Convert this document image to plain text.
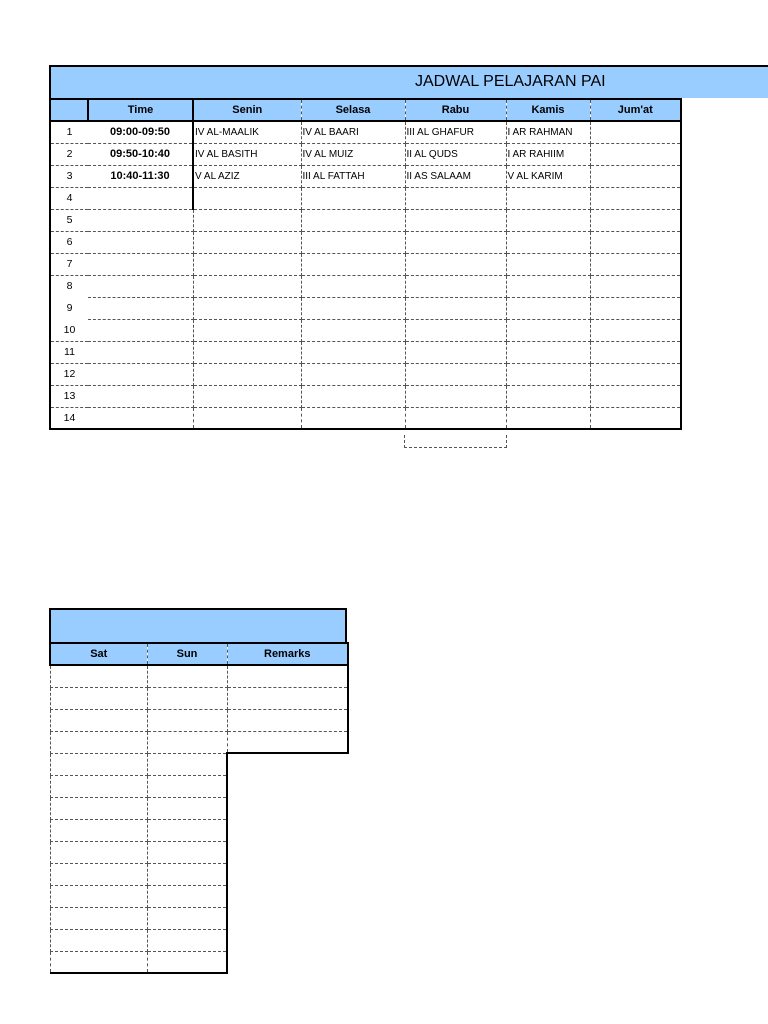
JADWAL PELAJARAN PAI
	Time	Senin	Selasa	Rabu	Kamis	Jum'at
1	09:00-09:50	IV AL-MAALIK	IV AL BAARI	III AL GHAFUR	I AR RAHMAN	
2	09:50-10:40	IV AL BASITH	IV AL MUIZ	II AL QUDS	I AR RAHIIM	
3	10:40-11:30	V AL AZIZ	III AL FATTAH	II AS SALAAM	V AL KARIM	
4						
5						
6						
7						
8						
9						
10						
11						
12						
13						
14						
Sat	Sun	Remarks
